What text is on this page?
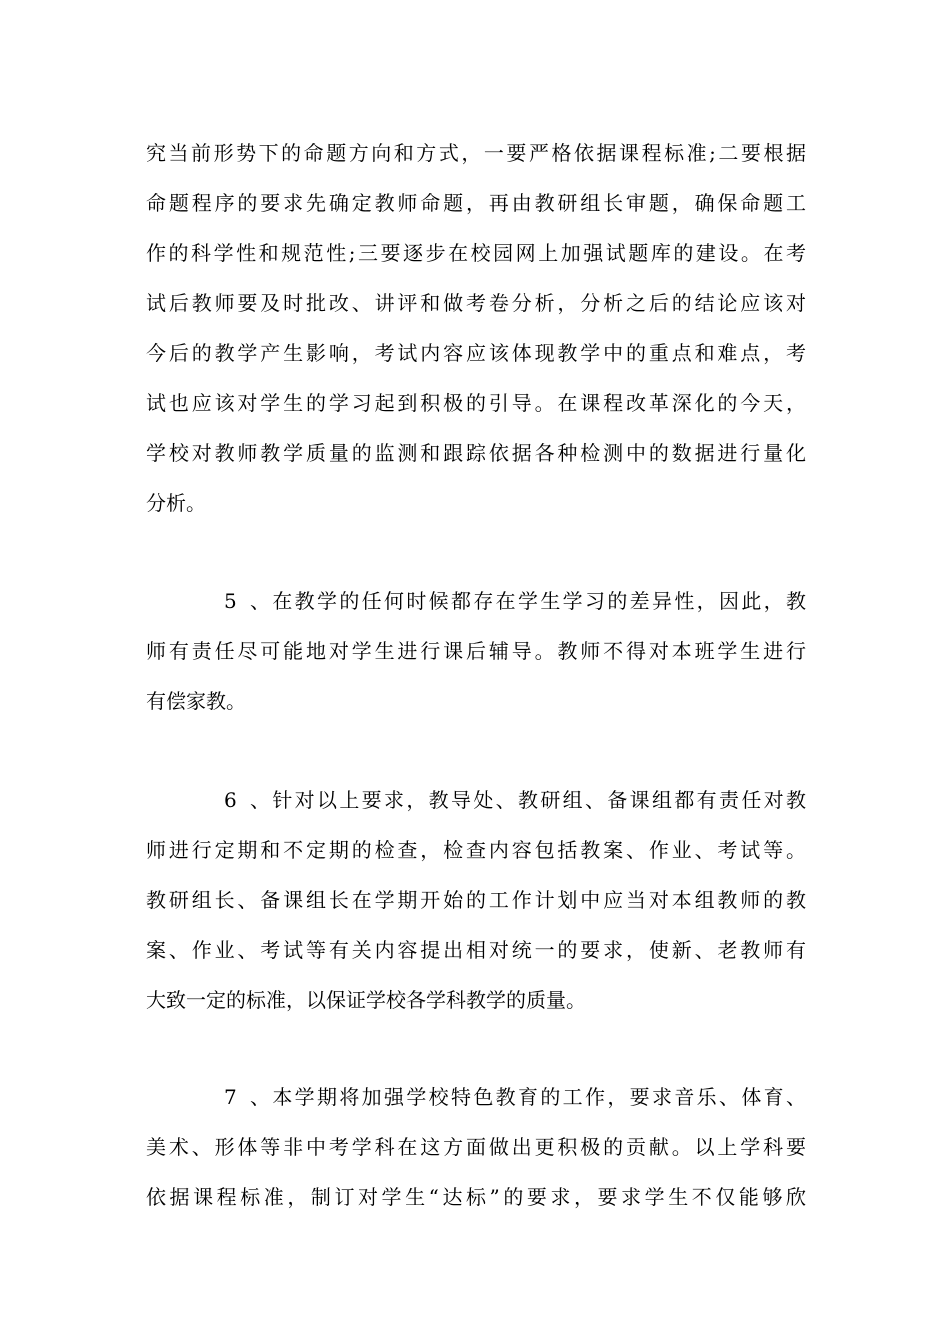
究当前形势下的命题方向和方式，一要严格依据课程标准;二要根据
命题程序的要求先确定教师命题，再由教研组长审题，确保命题工
作的科学性和规范性;三要逐步在校园网上加强试题库的建设。在考
试后教师要及时批改、讲评和做考卷分析，分析之后的结论应该对
今后的教学产生影响，考试内容应该体现教学中的重点和难点，考
试也应该对学生的学习起到积极的引导。在课程改革深化的今天，
学校对教师教学质量的监测和跟踪依据各种检测中的数据进行量化
分析。
5、在教学的任何时候都存在学生学习的差异性，因此，教
师有责任尽可能地对学生进行课后辅导。教师不得对本班学生进行
有偿家教。
6、针对以上要求，教导处、教研组、备课组都有责任对教
师进行定期和不定期的检查，检查内容包括教案、作业、考试等。
教研组长、备课组长在学期开始的工作计划中应当对本组教师的教
案、作业、考试等有关内容提出相对统一的要求，使新、老教师有
大致一定的标准，以保证学校各学科教学的质量。
7、本学期将加强学校特色教育的工作，要求音乐、体育、
美术、形体等非中考学科在这方面做出更积极的贡献。以上学科要
依据课程标准，制订对学生“达标”的要求，要求学生不仅能够欣
